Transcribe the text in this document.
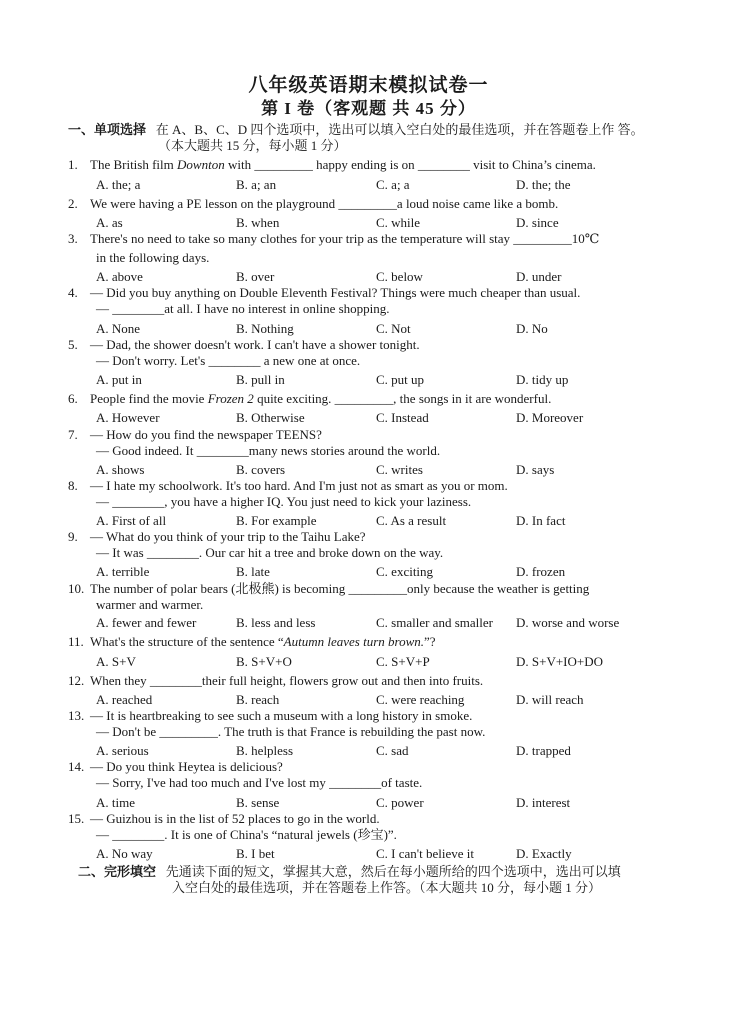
八年级英语期末模拟试卷一
第 I 卷（客观题 共 45 分）
一、单项选择 在 A、B、C、D 四个选项中，选出可以填入空白处的最佳选项，并在答题卷上作 答。
（本大题共 15 分，每小题 1 分）
1. The British film Downton with _________ happy ending is on ________ visit to China’s cinema.
A. the; a	B. a; an	C. a; a	D. the; the
2. We were having a PE lesson on the playground _________a loud noise came like a bomb.
A. as	B. when	C. while	D. since
3. There's no need to take so many clothes for your trip as the temperature will stay _________10℃
in the following days.
A. above	B. over	C. below	D. under
4. — Did you buy anything on Double Eleventh Festival? Things were much cheaper than usual.
— ________at all. I have no interest in online shopping.
A. None	B. Nothing	C. Not	D. No
5. — Dad, the shower doesn't work. I can't have a shower tonight.
— Don't worry. Let's ________ a new one at once.
A. put in	B. pull in	C. put up	D. tidy up
6. People find the movie Frozen 2 quite exciting. _________, the songs in it are wonderful.
A. However	B. Otherwise	C. Instead	D. Moreover
7. — How do you find the newspaper TEENS?
— Good indeed. It ________many news stories around the world.
A. shows	B. covers	C. writes	D. says
8. — I hate my schoolwork. It's too hard. And I'm just not as smart as you or mom.
— ________, you have a higher IQ. You just need to kick your laziness.
A. First of all	B. For example	C. As a result	D. In fact
9. — What do you think of your trip to the Taihu Lake?
— It was ________. Our car hit a tree and broke down on the way.
A. terrible	B. late	C. exciting	D. frozen
10. The number of polar bears (北极熊) is becoming _________only because the weather is getting
warmer and warmer.
A. fewer and fewer	B. less and less	C. smaller and smaller D. worse and worse
11. What's the structure of the sentence “Autumn leaves turn brown.”?
A. S+V	B. S+V+O	C. S+V+P	D. S+V+IO+DO
12. When they ________their full height, flowers grow out and then into fruits.
A. reached	B. reach	C. were reaching	D. will reach
13. — It is heartbreaking to see such a museum with a long history in smoke.
— Don't be _________. The truth is that France is rebuilding the past now.
A. serious	B. helpless	C. sad	D. trapped
14. — Do you think Heytea is delicious?
— Sorry, I've had too much and I've lost my ________of taste.
A. time	B. sense	C. power	D. interest
15. — Guizhou is in the list of 52 places to go in the world.
— ________. It is one of China's “natural jewels (珍宝)”.
A. No way	B. I bet	C. I can't believe it	D. Exactly
二、完形填空 先通读下面的短文，掌握其大意，然后在每小题所给的四个选项中，选出可以填
入空白处的最佳选项，并在答题卷上作答。（本大题共 10 分，每小题 1 分）
